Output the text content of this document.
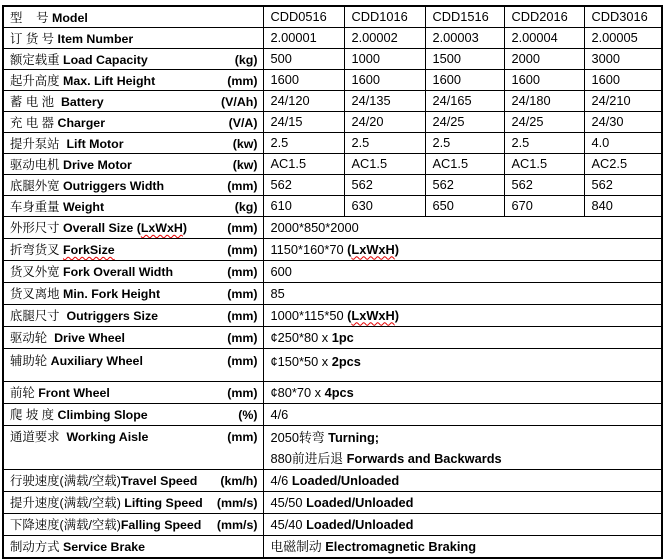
型    号 Model	CDD0516	CDD1016	CDD1516	CDD2016	CDD3016

订 货 号 Item Number	2.00001	2.00002	2.00003	2.00004	2.00005

额定载重 Load Capacity (kg)	500	1000	1500	2000	3000

起升高度 Max. Lift Height (mm)	1600	1600	1600	1600	1600

蓄 电 池  Battery (V/Ah)	24/120	24/135	24/165	24/180	24/210

充 电 器 Charger (V/A)	24/15	24/20	24/25	24/25	24/30

提升泵站  Lift Motor (kw)	2.5	2.5	2.5	2.5	4.0

驱动电机 Drive Motor (kw)	AC1.5	AC1.5	AC1.5	AC1.5	AC2.5

底腿外宽 Outriggers Width (mm)	562	562	562	562	562

车身重量 Weight (kg)	610	630	650	670	840

外形尺寸 Overall Size (LxWxH) (mm)	2000*850*2000				

折弯货叉 ForkSize (mm)	1150*160*70 (LxWxH)				

货叉外宽 Fork Overall Width (mm)	600				

货叉离地 Min. Fork Height (mm)	85				

底腿尺寸  Outriggers Size (mm)	1000*115*50 (LxWxH)				

驱动轮  Drive Wheel (mm)	¢250*80 x 1pc				

辅助轮 Auxiliary Wheel (mm)	¢150*50 x 2pcs				

前轮 Front Wheel (mm)	¢80*70 x 4pcs				

爬 坡 度 Climbing Slope (%)	4/6				

通道要求  Working Aisle	(mm)	2050转弯 Turning;
880前进后退 Forwards and Backwards

行驶速度(满载/空载)Travel Speed (km/h)	4/6 Loaded/Unloaded				

提升速度(满载/空载) Lifting Speed (mm/s)	45/50 Loaded/Unloaded				

下降速度(满载/空载)Falling Speed (mm/s)	45/40 Loaded/Unloaded				

制动方式 Service Brake	电磁制动 Electromagnetic Braking				
